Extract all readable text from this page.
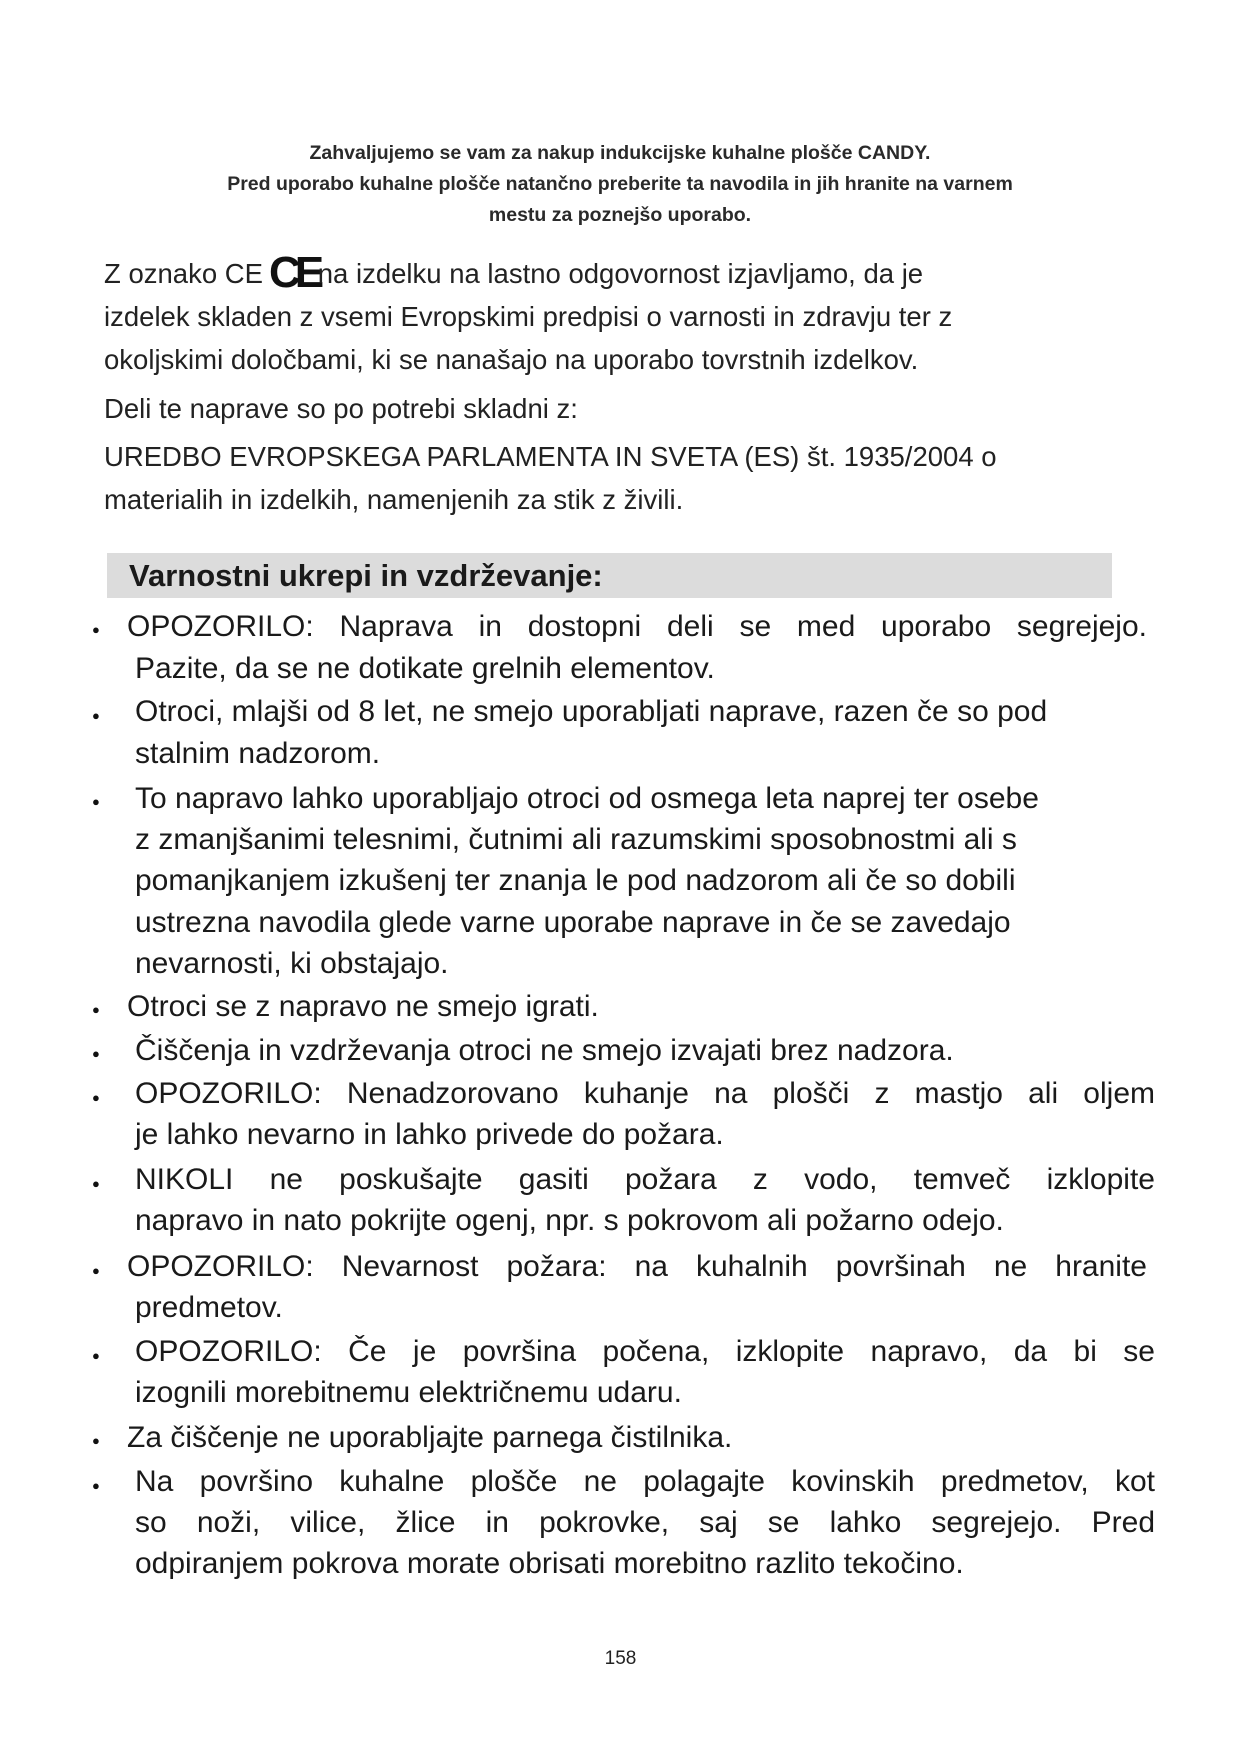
Zahvaljujemo se vam za nakup indukcijske kuhalne plošče CANDY.
Pred uporabo kuhalne plošče natančno preberite ta navodila in jih hranite na varnem
mestu za poznejšo uporabo.
Z oznako CE CE na izdelku na lastno odgovornost izjavljamo, da je
izdelek skladen z vsemi Evropskimi predpisi o varnosti in zdravju ter z
okoljskimi določbami, ki se nanašajo na uporabo tovrstnih izdelkov.
Deli te naprave so po potrebi skladni z:
UREDBO EVROPSKEGA PARLAMENTA IN SVETA (ES) št. 1935/2004 o
materialih in izdelkih, namenjenih za stik z živili.
Varnostni ukrepi in vzdrževanje:
● OPOZORILO: Naprava in dostopni deli se med uporabo segrejejo.
Pazite, da se ne dotikate grelnih elementov.
● Otroci, mlajši od 8 let, ne smejo uporabljati naprave, razen če so pod
stalnim nadzorom.
● To napravo lahko uporabljajo otroci od osmega leta naprej ter osebe
z zmanjšanimi telesnimi, čutnimi ali razumskimi sposobnostmi ali s
pomanjkanjem izkušenj ter znanja le pod nadzorom ali če so dobili
ustrezna navodila glede varne uporabe naprave in če se zavedajo
nevarnosti, ki obstajajo.
● Otroci se z napravo ne smejo igrati.
● Čiščenja in vzdrževanja otroci ne smejo izvajati brez nadzora.
● OPOZORILO: Nenadzorovano kuhanje na plošči z mastjo ali oljem
je lahko nevarno in lahko privede do požara.
● NIKOLI ne poskušajte gasiti požara z vodo, temveč izklopite
napravo in nato pokrijte ogenj, npr. s pokrovom ali požarno odejo.
● OPOZORILO: Nevarnost požara: na kuhalnih površinah ne hranite
predmetov.
● OPOZORILO: Če je površina počena, izklopite napravo, da bi se
izognili morebitnemu električnemu udaru.
● Za čiščenje ne uporabljajte parnega čistilnika.
● Na površino kuhalne plošče ne polagajte kovinskih predmetov, kot
so noži, vilice, žlice in pokrovke, saj se lahko segrejejo. Pred
odpiranjem pokrova morate obrisati morebitno razlito tekočino.
158
